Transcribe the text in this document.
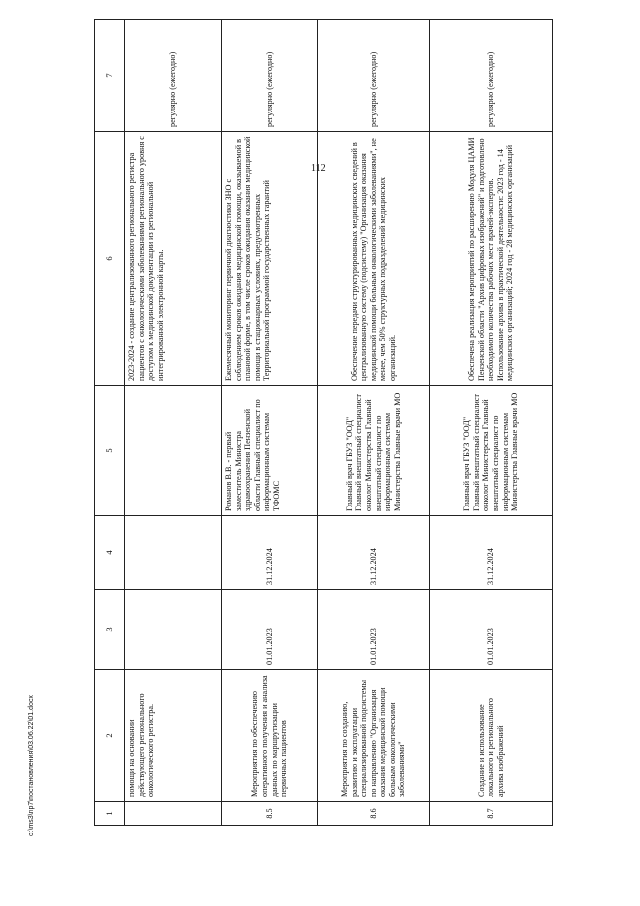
112
1	2	3	4	5	6	7
	помощи на основании действующего регионального онкологического регистра.				2023-2024 - создание централизованного регионального регистра пациентов с онкологическими заболеваниями регионального уровня с доступом к медицинской документации из региональной интегрированной электронной карты.	регулярно (ежегодно)
8.5	Мероприятия по обеспечению оперативного получения и анализа данных по маршрутизации первичных пациентов	01.01.2023	31.12.2024	Романов В.В. - первый заместитель Министра здравоохранения Пензенской области Главный специалист по информационным системам ТФОМС	Ежемесячный мониторинг первичной диагностики ЗНО с соблюдением сроков ожидания медицинской помощи, оказываемой в плановой форме, в том числе сроков ожидания оказания медицинской помощи в стационарных условиях, предусмотренных Территориальной программой государственных гарантий	регулярно (ежегодно)
8.6	Мероприятия по созданию, развитию и эксплуатации специализированной подсистемы по направлению "Организация оказания медицинской помощи больным онкологическими заболеваниями"	01.01.2023	31.12.2024	Главный врач ГБУЗ "ООД" Главный внештатный специалист онколог Министерства Главный внештатный специалист по информационным системам Министерства Главные врачи МО	Обеспечение передачи структурированных медицинских сведений в централизованную систему (подсистему) "Организация оказания медицинской помощи больным онкологическими заболеваниями", не менее, чем 50% структурных подразделений медицинских организаций.	регулярно (ежегодно)
8.7	Создание и использование локального и регионального архива изображений	01.01.2023	31.12.2024	Главный врач ГБУЗ "ООД" Главный внештатный специалист онколог Министерства Главный внештатный специалист по информационным системам Министерства Главные врачи МО	Обеспечена реализация мероприятий по расширению Модуля ЦАМИ Пензенской области "Архив цифровых изображений" и подготовлено необходимого количества рабочих мест врачей-экспертов. Использование архива в практической деятельности: 2023 год - 14 медицинских организаций; 2024 год - 28 медицинских организаций	регулярно (ежегодно)
c:\ms3\np7\постановления\03.06.22\01.docx
